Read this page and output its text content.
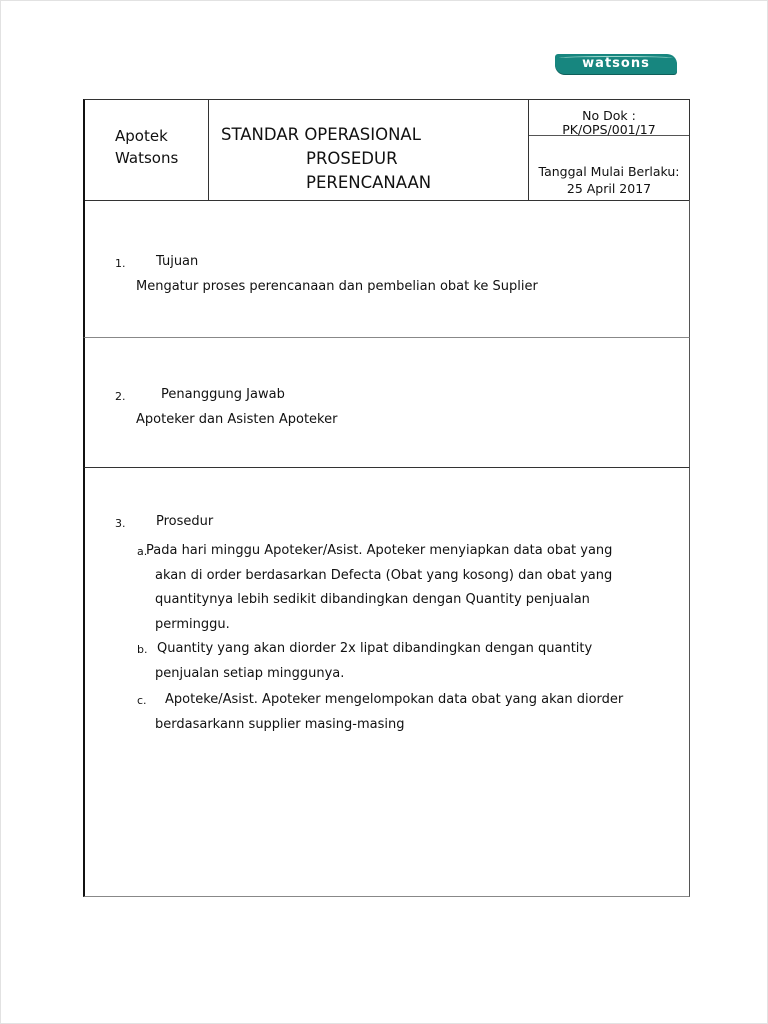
watsons
Apotek Watsons
STANDAR OPERASIONAL
PROSEDUR
PERENCANAAN
No Dok :
PK/OPS/001/17
Tanggal Mulai Berlaku: 25 April 2017
1. Tujuan
Mengatur proses perencanaan dan pembelian obat ke Suplier
2.	Penanggung Jawab
Apoteker dan Asisten Apoteker
3. Prosedur
a.
Pada hari minggu Apoteker/Asist. Apoteker menyiapkan data obat yang
akan di order berdasarkan Defecta (Obat yang kosong) dan obat yang
quantitynya lebih sedikit dibandingkan dengan Quantity penjualan
perminggu.
b. Quantity yang akan diorder 2x lipat dibandingkan dengan quantity
penjualan setiap minggunya.
c.	Apoteke/Asist. Apoteker mengelompokan data obat yang akan diorder
berdasarkann supplier masing-masing
